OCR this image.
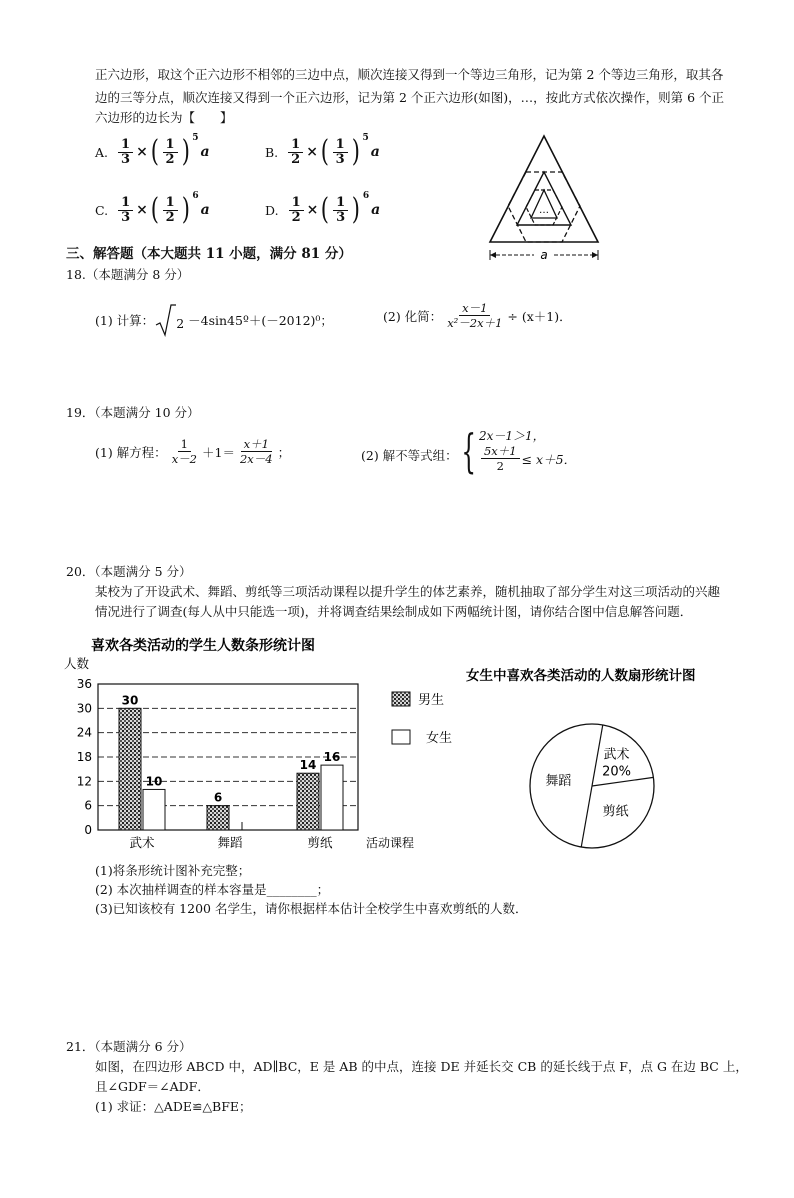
正六边形，取这个正六边形不相邻的三边中点，顺次连接又得到一个等边三角形，记为第 2 个等边三角形，取其各
边的三等分点，顺次连接又得到一个正六边形，记为第 2 个正六边形(如图)，…，按此方式依次操作，则第 6 个正
六边形的边长为【　　】
A. $\frac{1}{3}$ × ( $\frac{1}{2}$ ) 5
a	B. $\frac{1}{2}$ × ( $\frac{1}{3}$ ) 5
a
C. $\frac{1}{3}$ × ( $\frac{1}{2}$ ) 6
a	D. $\frac{1}{2}$ × ( $\frac{1}{3}$ ) 6
a	…
a
三、解答题（本大题共 11 小题，满分 81 分）
18.（本题满分 8 分）
(1) 计算： 2 －4sin45º＋(－2012)⁰；	(2) 化简： $\frac{x-1}{\text{x²－2x＋1}} \div (x+1)$．
19．（本题满分 10 分）
(1) 解方程： $\frac{1}{x-2} +1= \frac{x+1}{2x-4}$ ；	(2) 解不等式组： { 2x－1＞1，
$\frac{5x+1}{2} \le x+5$．
20．（本题满分 5 分）
某校为了开设武术、舞蹈、剪纸等三项活动课程以提升学生的体艺素养，随机抽取了部分学生对这三项活动的兴趣
情况进行了调查(每人从中只能选一项)，并将调查结果绘制成如下两幅统计图，请你结合图中信息解答问题．
喜欢各类活动的学生人数条形统计图
人数
0
6
12
18
24
30
36
活动课程
30
10
武术
6
舞蹈
14
16
剪纸
男生
女生
女生中喜欢各类活动的人数扇形统计图
武术
20%
剪纸
舞蹈
(1)将条形统计图补充完整；
(2) 本次抽样调查的样本容量是________；
(3)已知该校有 1200 名学生，请你根据样本估计全校学生中喜欢剪纸的人数．
21．（本题满分 6 分）
如图，在四边形 ABCD 中，AD∥BC，E 是 AB 的中点，连接 DE 并延长交 CB 的延长线于点 F，点 G 在边 BC 上，
且∠GDF＝∠ADF．
(1) 求证：△ADE≌△BFE；
